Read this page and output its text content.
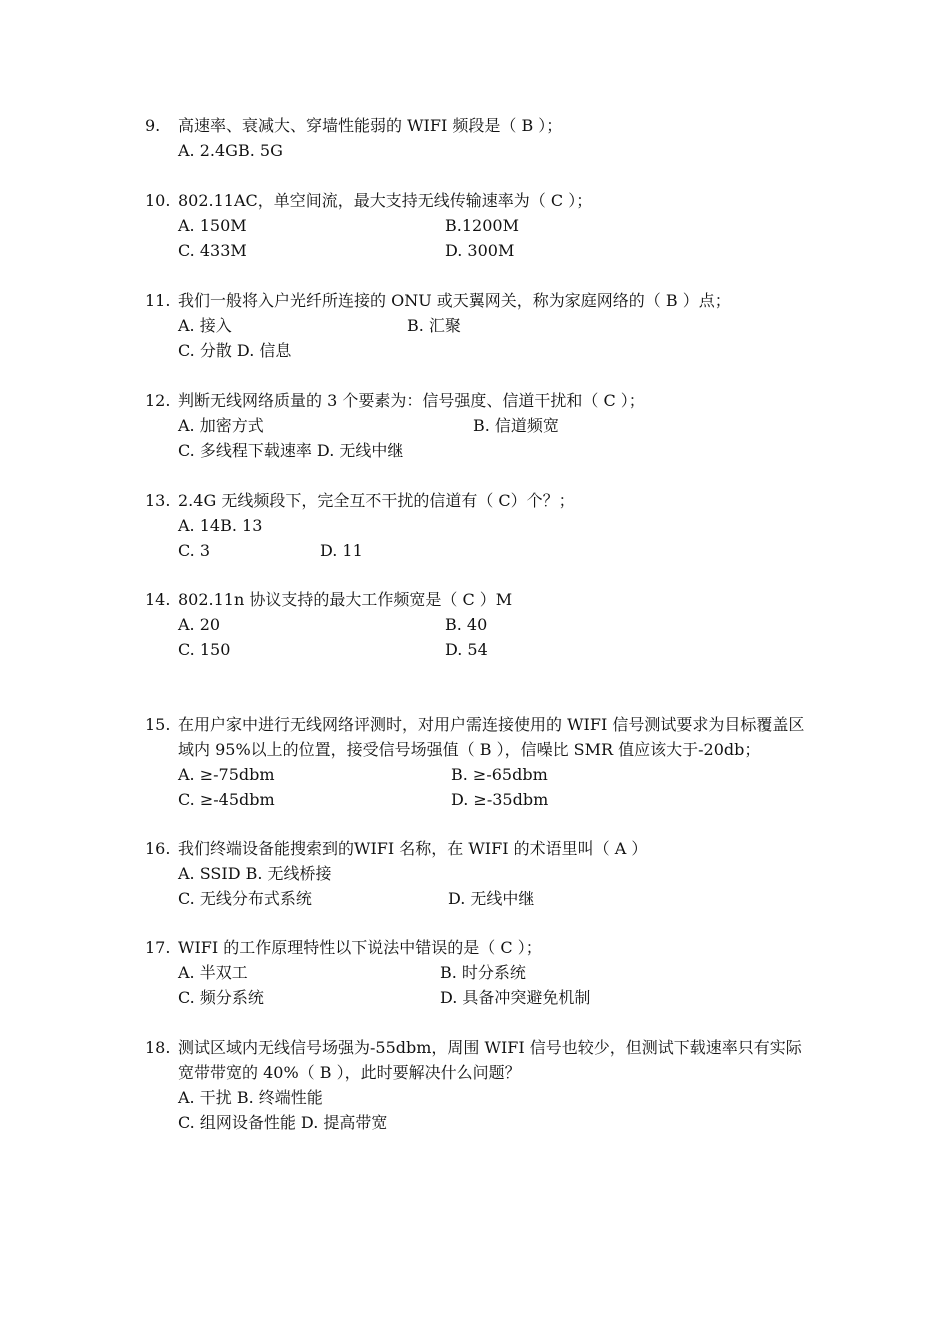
9.	高速率、衰减大、穿墙性能弱的 WIFI 频段是（ B ）；
A. 2.4GB. 5G
10. 802.11AC，单空间流，最大支持无线传输速率为（ C ）；
A. 150M	B.1200M
C. 433M	D. 300M
11. 我们一般将入户光纤所连接的 ONU 或天翼网关，称为家庭网络的（ B ）点；
A. 接入	B. 汇聚
C. 分散 D. 信息
12. 判断无线网络质量的 3 个要素为：信号强度、信道干扰和（ C ）；
A. 加密方式	B. 信道频宽
C. 多线程下载速率 D. 无线中继
13. 2.4G 无线频段下，完全互不干扰的信道有（ C）个？；
A. 14B. 13
C. 3	D. 11
14. 802.11n 协议支持的最大工作频宽是（ C ）M
A. 20	B. 40
C. 150	D. 54
15. 在用户家中进行无线网络评测时，对用户需连接使用的 WIFI 信号测试要求为目标覆盖区域内 95%以上的位置，接受信号场强值（ B ），信噪比 SMR 值应该大于-20db；
A. ≥-75dbm	B. ≥-65dbm
C. ≥-45dbm	D. ≥-35dbm
16. 我们终端设备能搜索到的WIFI 名称，在 WIFI 的术语里叫（ A ）
A. SSID B. 无线桥接
C. 无线分布式系统	D. 无线中继
17. WIFI 的工作原理特性以下说法中错误的是（ C ）；
A. 半双工	B. 时分系统
C. 频分系统	D. 具备冲突避免机制
18. 测试区域内无线信号场强为-55dbm，周围 WIFI 信号也较少，但测试下载速率只有实际宽带带宽的 40%（ B ），此时要解决什么问题？
A. 干扰 B. 终端性能
C. 组网设备性能 D. 提高带宽
